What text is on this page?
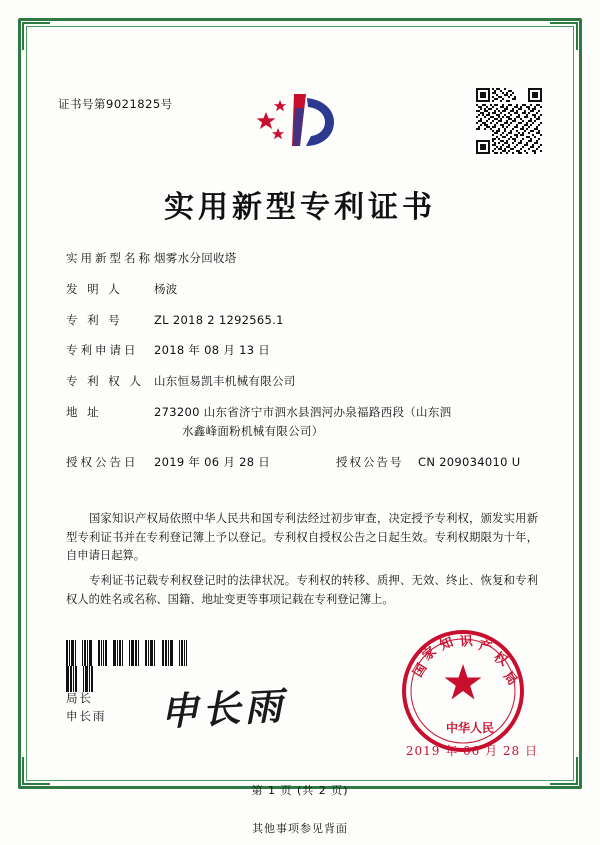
证书号第9021825号
实用新型专利证书
实用新型名称 烟雾水分回收塔
发 明 人	杨波
专 利 号	ZL 2018 2 1292565.1
专利申请日	2018 年 08 月 13 日
专 利 权 人 山东恒易凯丰机械有限公司
地 址	273200 山东省济宁市泗水县泗河办泉福路西段（山东泗
水鑫峰面粉机械有限公司）
授权公告日	2019 年 06 月 28 日	授权公告号	CN 209034010 U

国家知识产权局依照中华人民共和国专利法经过初步审查，决定授予专利权，颁发实用新型专利证书并在专利登记簿上予以登记。专利权自授权公告之日起生效。专利权期限为十年，自申请日起算。

专利证书记载专利权登记时的法律状况。专利权的转移、质押、无效、终止、恢复和专利权人的姓名或名称、国籍、地址变更等事项记载在专利登记簿上。

局长
申长雨 申长雨
国
家
知 识 产
权
局
中华人民
2019 年 06 月 28 日
第 1 页 (共 2 页)
其他事项参见背面
